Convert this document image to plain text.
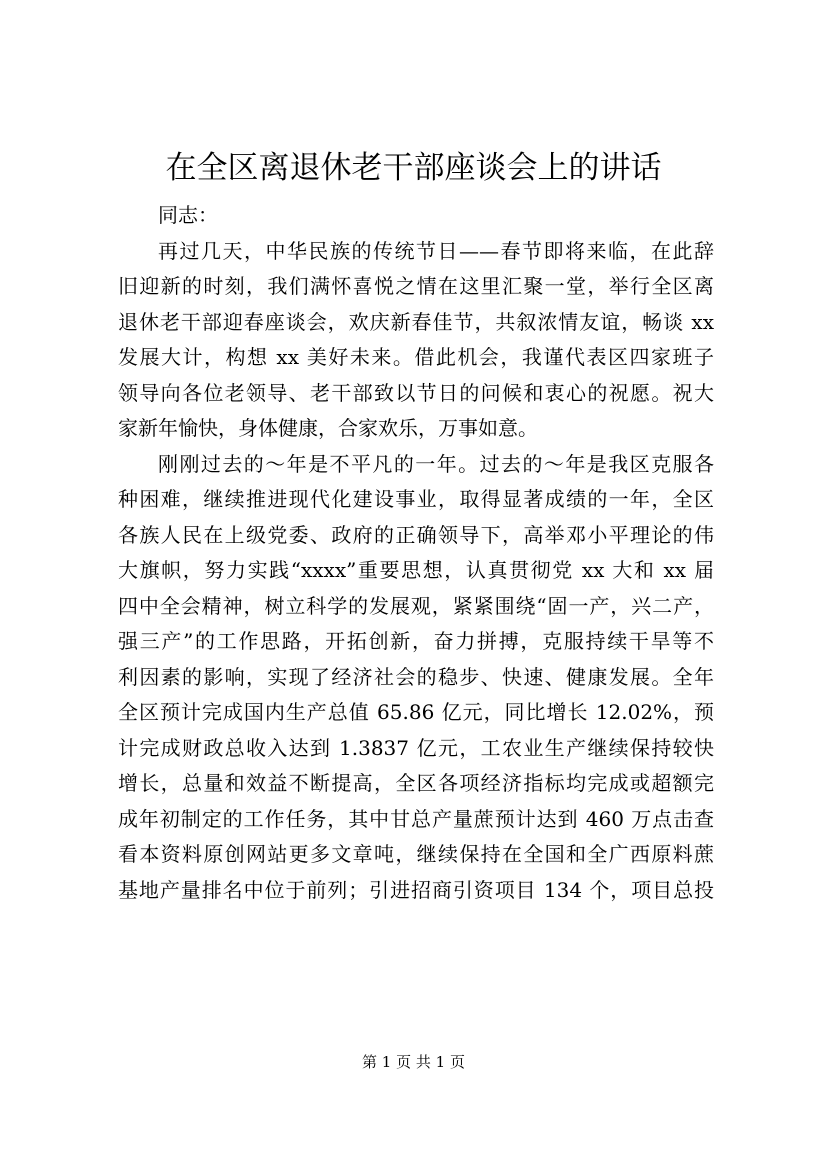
在全区离退休老干部座谈会上的讲话

同志：

再过几天，中华民族的传统节日——春节即将来临，在此辞
旧迎新的时刻，我们满怀喜悦之情在这里汇聚一堂，举行全区离
退休老干部迎春座谈会，欢庆新春佳节，共叙浓情友谊，畅谈 xx
发展大计，构想 xx 美好未来。借此机会，我谨代表区四家班子
领导向各位老领导、老干部致以节日的问候和衷心的祝愿。祝大
家新年愉快，身体健康，合家欢乐，万事如意。

刚刚过去的～年是不平凡的一年。过去的～年是我区克服各
种困难，继续推进现代化建设事业，取得显著成绩的一年，全区
各族人民在上级党委、政府的正确领导下，高举邓小平理论的伟
大旗帜，努力实践“xxxx”重要思想，认真贯彻党 xx 大和 xx 届
四中全会精神，树立科学的发展观，紧紧围绕“固一产，兴二产，
强三产”的工作思路，开拓创新，奋力拼搏，克服持续干旱等不
利因素的影响，实现了经济社会的稳步、快速、健康发展。全年
全区预计完成国内生产总值 65.86 亿元，同比增长 12.02%，预
计完成财政总收入达到 1.3837 亿元，工农业生产继续保持较快
增长，总量和效益不断提高，全区各项经济指标均完成或超额完
成年初制定的工作任务，其中甘总产量蔗预计达到 460 万点击查
看本资料原创网站更多文章吨，继续保持在全国和全广西原料蔗
基地产量排名中位于前列；引进招商引资项目 134 个，项目总投

第 1 页 共 1 页
